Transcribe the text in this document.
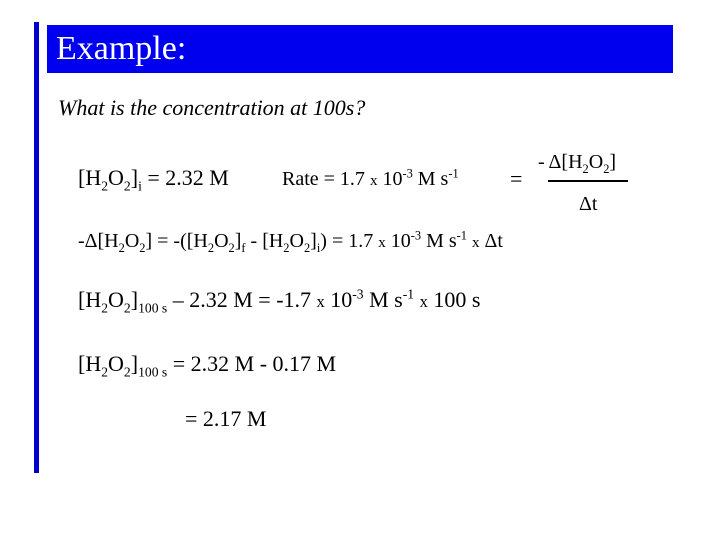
Example:
What is the concentration at 100s?
$[H_2O_2]_i = 2.32$ M	Rate = 1.7 x $10^{-3}$ M $s^{-1}$ =
- $\Delta[H_2O_2]$
Δt
$-\Delta[H_2O_2] = -([H_2O_2]_f - [H_2O_2]_i) = 1.7$ x $10^{-3}$ M $s^{-1}$ x Δt
$[H_2O_2]_{100 s} - 2.32$ M = -1.7 x $10^{-3}$ M $s^{-1}$ x 100 s
$[H_2O_2]_{100 s} = 2.32$ M - 0.17 M
= 2.17 M
